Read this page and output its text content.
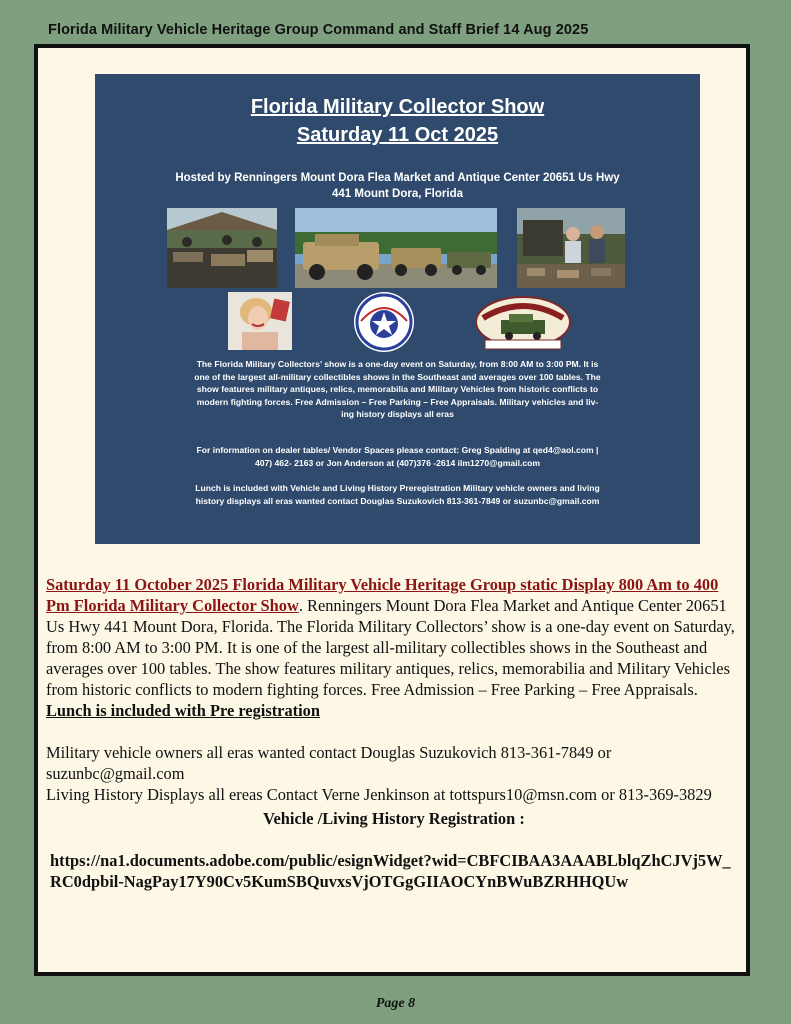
Florida Military Vehicle Heritage Group Command and Staff Brief 14 Aug 2025
Florida Military Collector Show
Saturday 11 Oct 2025
Hosted by Renningers Mount Dora Flea Market and Antique Center 20651 Us Hwy
441 Mount Dora, Florida
The Florida Military Collectors’ show is a one-day event on Saturday, from 8:00 AM to 3:00 PM. It is
one of the largest all-military collectibles shows in the Southeast and averages over 100 tables. The
show features military antiques, relics, memorabilia and Military Vehicles from historic conflicts to
modern fighting forces. Free Admission – Free Parking – Free Appraisals. Military vehicles and liv-
ing history displays all eras
For information on dealer tables/ Vendor Spaces please contact: Greg Spalding at qed4@aol.com |
407) 462- 2163 or Jon Anderson at (407)376 -2614 ilm1270@gmail.com
Lunch is included with Vehicle and Living History Preregistration Military vehicle owners and living
history displays all eras wanted contact Douglas Suzukovich 813-361-7849 or suzunbc@gmail.com

Saturday 11 October 2025 Florida Military Vehicle Heritage Group static Display 800 Am to 400 Pm Florida Military Collector Show. Renningers Mount Dora Flea Market and Antique Center 20651 Us Hwy 441 Mount Dora, Florida. The Florida Military Collectors’ show is a one-day event on Saturday, from 8:00 AM to 3:00 PM. It is one of the largest all-military collectibles shows in the Southeast and averages over 100 tables. The show features military antiques, relics, memorabilia and Military Vehicles from historic conflicts to modern fighting forces. Free Admission – Free Parking – Free Appraisals. Lunch is included with Pre registration

Military vehicle owners all eras wanted contact Douglas Suzukovich 813-361-7849 or suzunbc@gmail.com

Living History Displays all ereas Contact Verne Jenkinson at tottspurs10@msn.com or 813-369-3829

Vehicle /Living History Registration :

https://na1.documents.adobe.com/public/esignWidget?wid=CBFCIBAA3AAABLblqZhCJVj5W_RC0dpbil-NagPay17Y90Cv5KumSBQuvxsVjOTGgGIIAOCYnBWuBZRHHQUw

Page 8
